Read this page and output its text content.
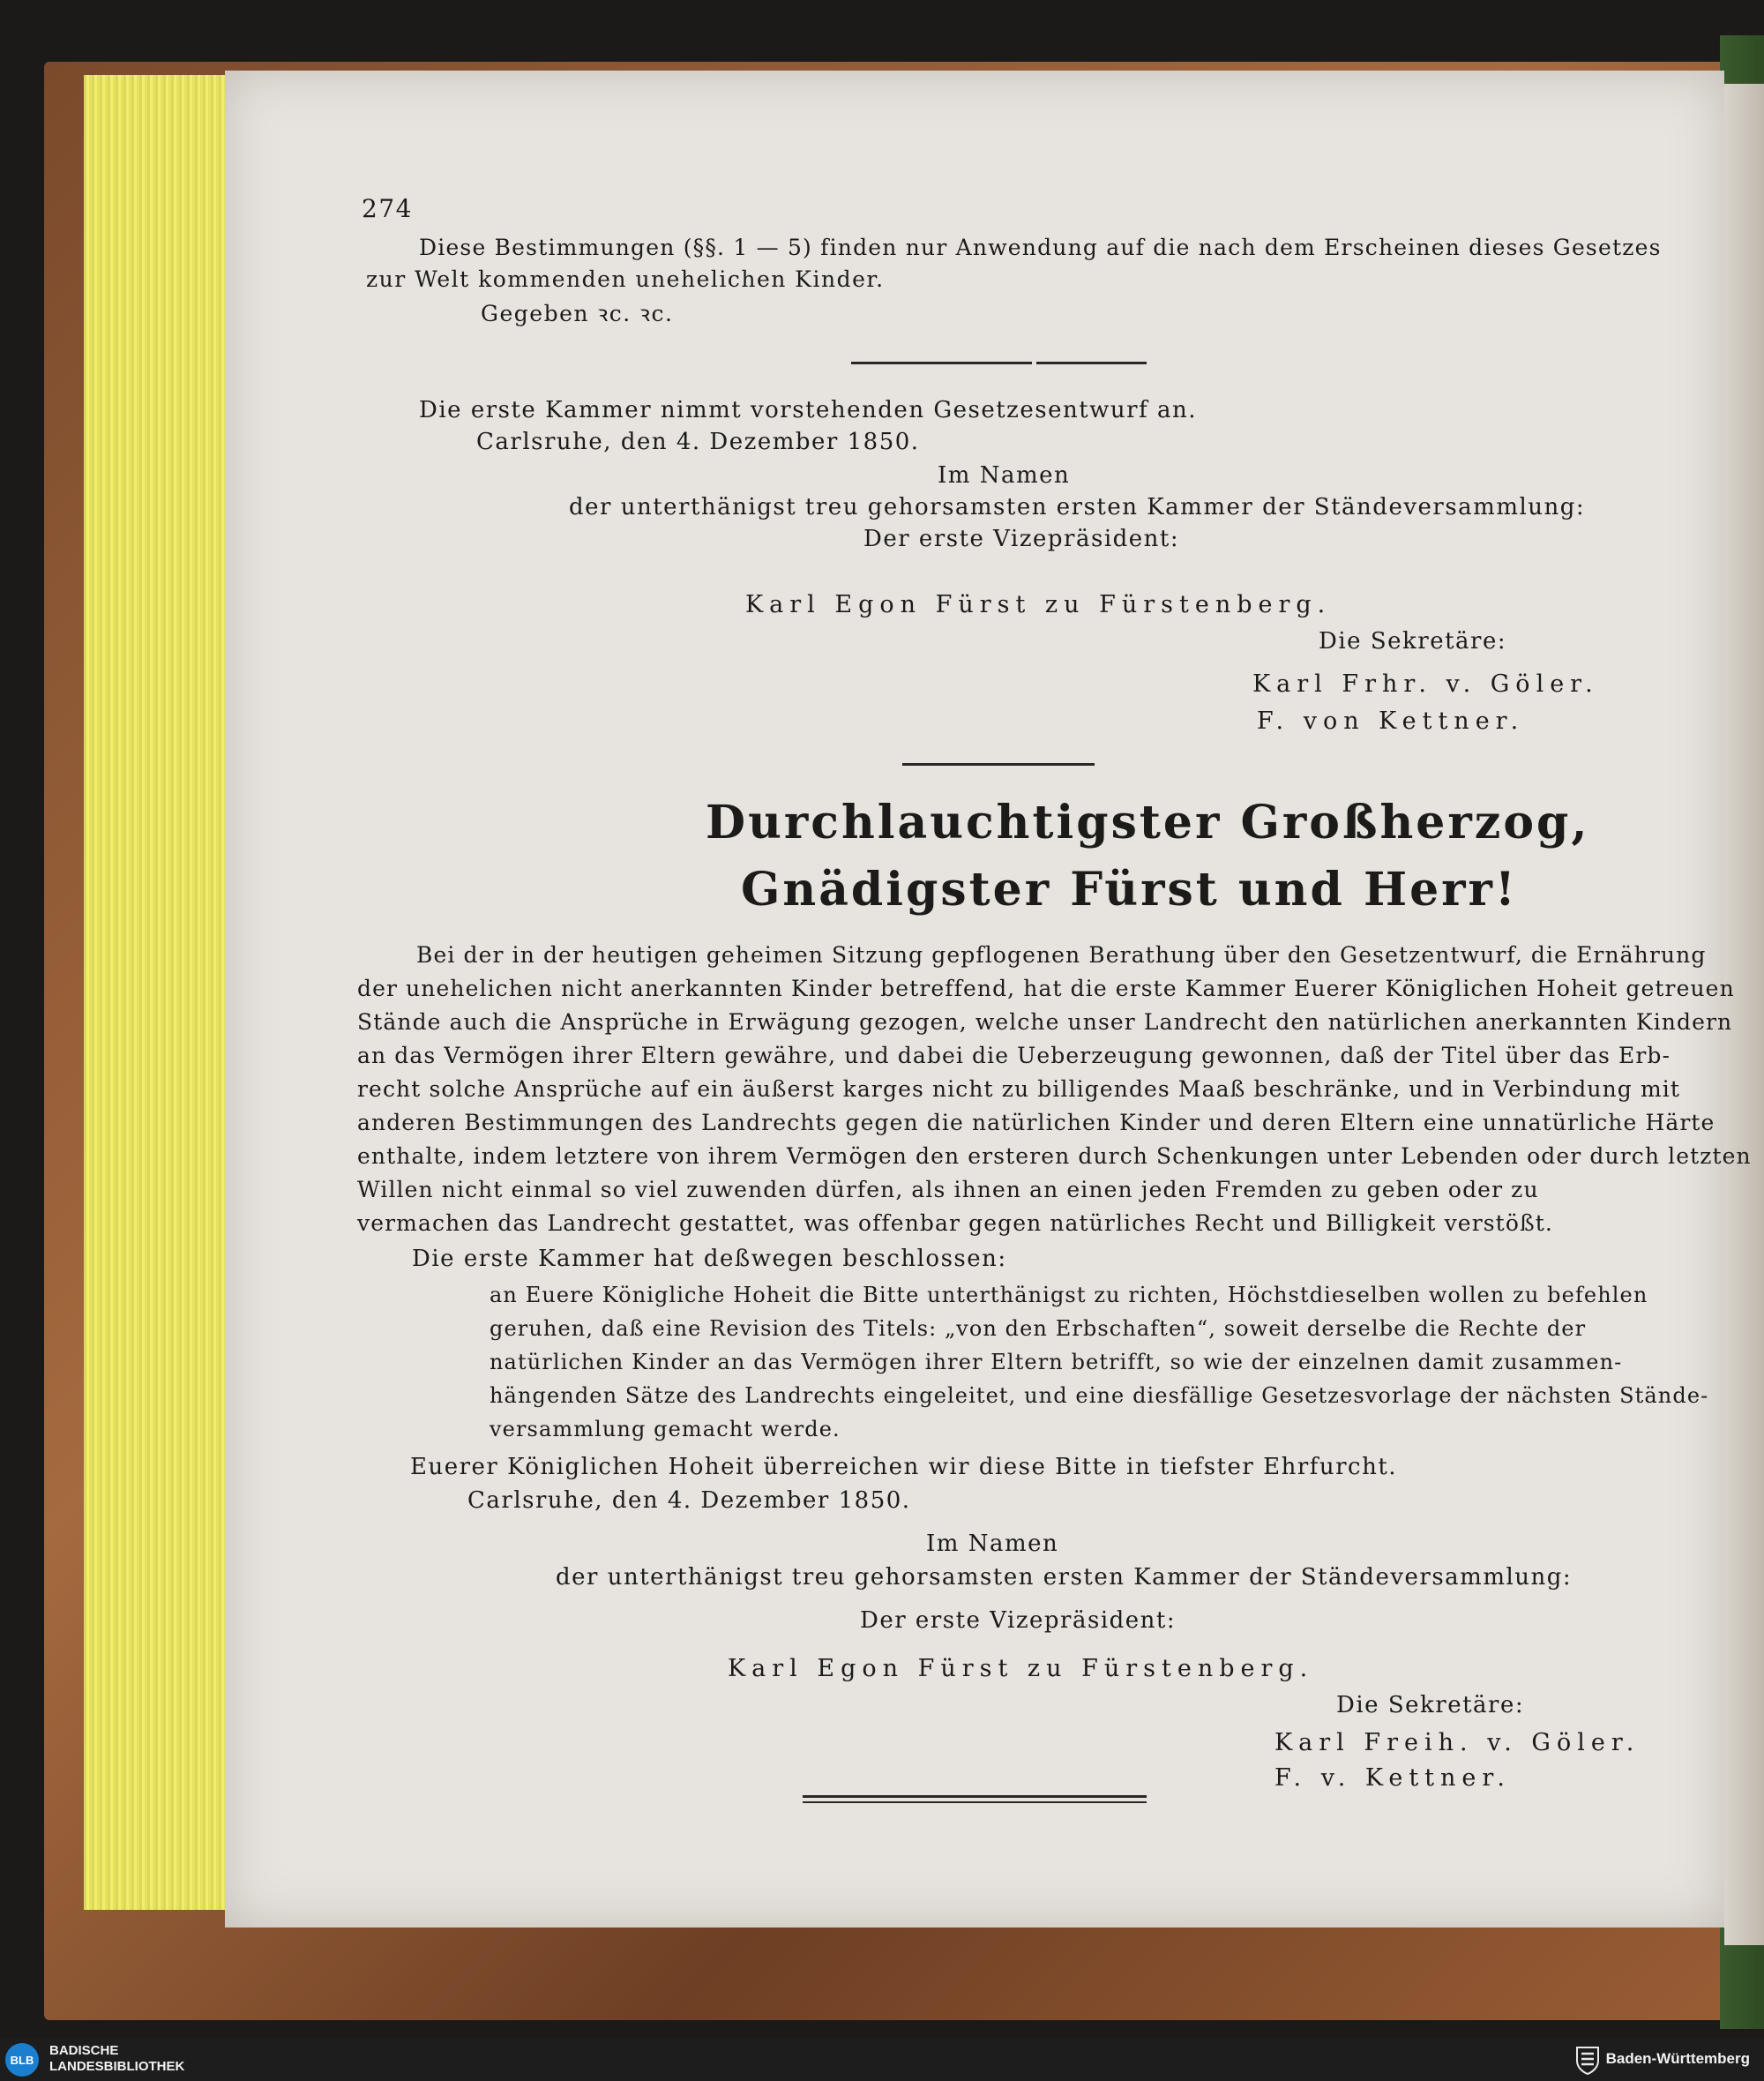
274
Diese Bestimmungen (§§. 1 — 5) finden nur Anwendung auf die nach dem Erscheinen dieses Gesetzes
zur Welt kommenden unehelichen Kinder.
Gegeben ꝛc. ꝛc.
Die erste Kammer nimmt vorstehenden Gesetzesentwurf an.
Carlsruhe, den 4. Dezember 1850.
Im Namen
der unterthänigst treu gehorsamsten ersten Kammer der Ständeversammlung:
Der erste Vizepräsident:
Karl Egon Fürst zu Fürstenberg.
Die Sekretäre:
Karl Frhr. v. Göler.
F. von Kettner.
Durchlauchtigster Großherzog,
Gnädigster Fürst und Herr!
Bei der in der heutigen geheimen Sitzung gepflogenen Berathung über den Gesetzentwurf, die Ernährung
der unehelichen nicht anerkannten Kinder betreffend, hat die erste Kammer Euerer Königlichen Hoheit getreuen
Stände auch die Ansprüche in Erwägung gezogen, welche unser Landrecht den natürlichen anerkannten Kindern
an das Vermögen ihrer Eltern gewähre, und dabei die Ueberzeugung gewonnen, daß der Titel über das Erb-
recht solche Ansprüche auf ein äußerst karges nicht zu billigendes Maaß beschränke, und in Verbindung mit
anderen Bestimmungen des Landrechts gegen die natürlichen Kinder und deren Eltern eine unnatürliche Härte
enthalte, indem letztere von ihrem Vermögen den ersteren durch Schenkungen unter Lebenden oder durch letzten
Willen nicht einmal so viel zuwenden dürfen, als ihnen an einen jeden Fremden zu geben oder zu
vermachen das Landrecht gestattet, was offenbar gegen natürliches Recht und Billigkeit verstößt.
Die erste Kammer hat deßwegen beschlossen:
an Euere Königliche Hoheit die Bitte unterthänigst zu richten, Höchstdieselben wollen zu befehlen
geruhen, daß eine Revision des Titels: „von den Erbschaften“, soweit derselbe die Rechte der
natürlichen Kinder an das Vermögen ihrer Eltern betrifft, so wie der einzelnen damit zusammen-
hängenden Sätze des Landrechts eingeleitet, und eine diesfällige Gesetzesvorlage der nächsten Stände-
versammlung gemacht werde.
Euerer Königlichen Hoheit überreichen wir diese Bitte in tiefster Ehrfurcht.
Carlsruhe, den 4. Dezember 1850.
Im Namen
der unterthänigst treu gehorsamsten ersten Kammer der Ständeversammlung:
Der erste Vizepräsident:
Karl Egon Fürst zu Fürstenberg.
Die Sekretäre:
Karl Freih. v. Göler.
F. v. Kettner.
BLB
BADISCHE
LANDESBIBLIOTHEK	Baden-Württemberg
